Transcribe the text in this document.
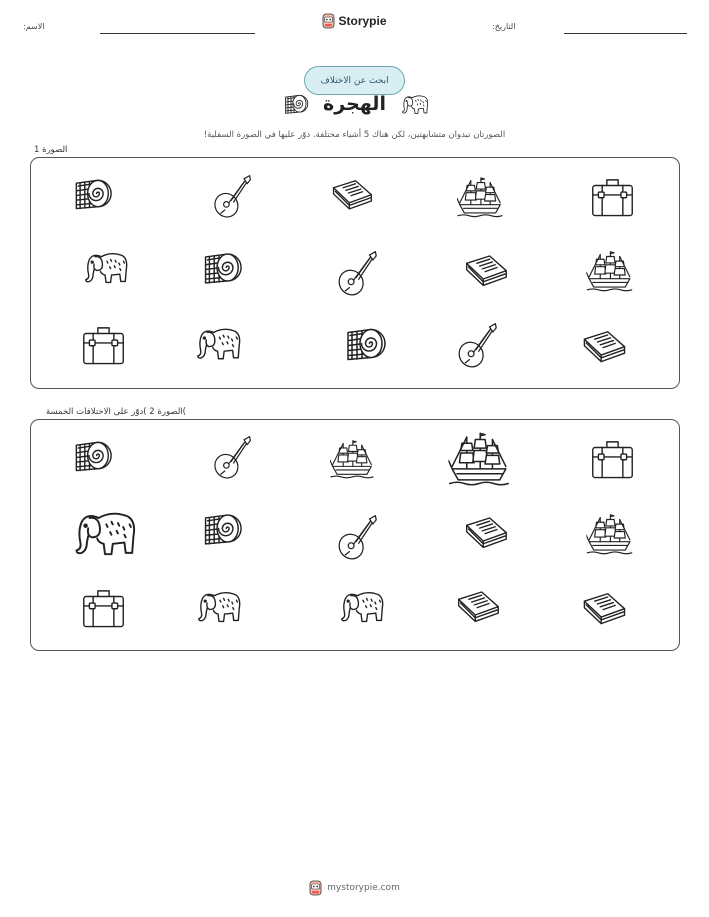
الاسم:	Storypie	التاريخ:
ابحث عن الاختلاف
الهجرة
الصورتان تبدوان متشابهتين، لكن هناك 5 أشياء مختلفة. دوّر عليها في الصورة السفلية!
الصورة 1
الصورة 2 )دوّر على الاختلافات الخمسة(
mystorypie.com
